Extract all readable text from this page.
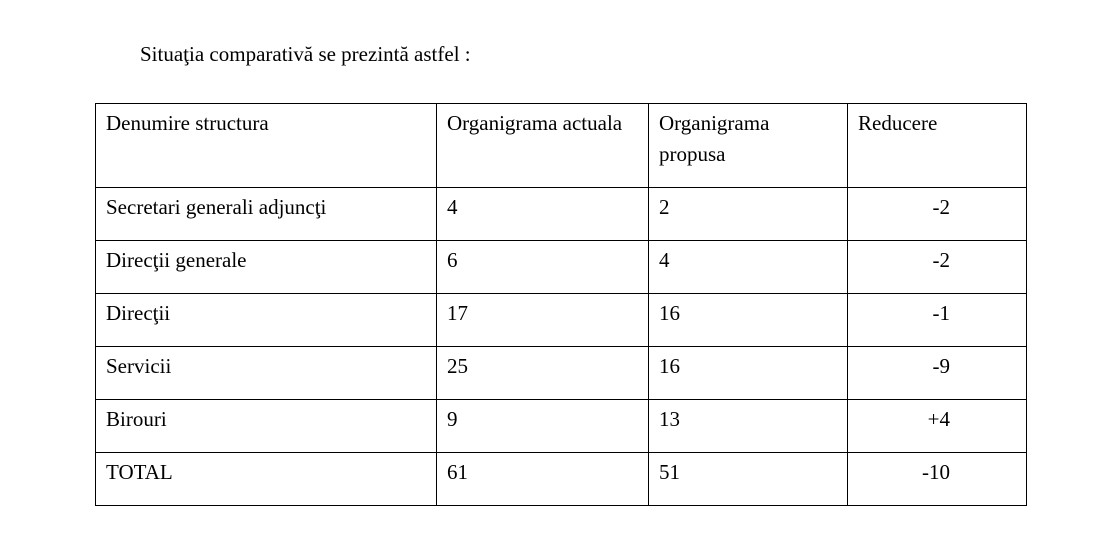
Situaţia comparativă se prezintă astfel :

Denumire structura	Organigrama actuala	Organigrama propusa	Reducere
Secretari generali adjuncţi	4	2	-2
Direcţii generale	6	4	-2
Direcţii	17	16	-1
Servicii	25	16	-9
Birouri	9	13	+4
TOTAL	61	51	-10
